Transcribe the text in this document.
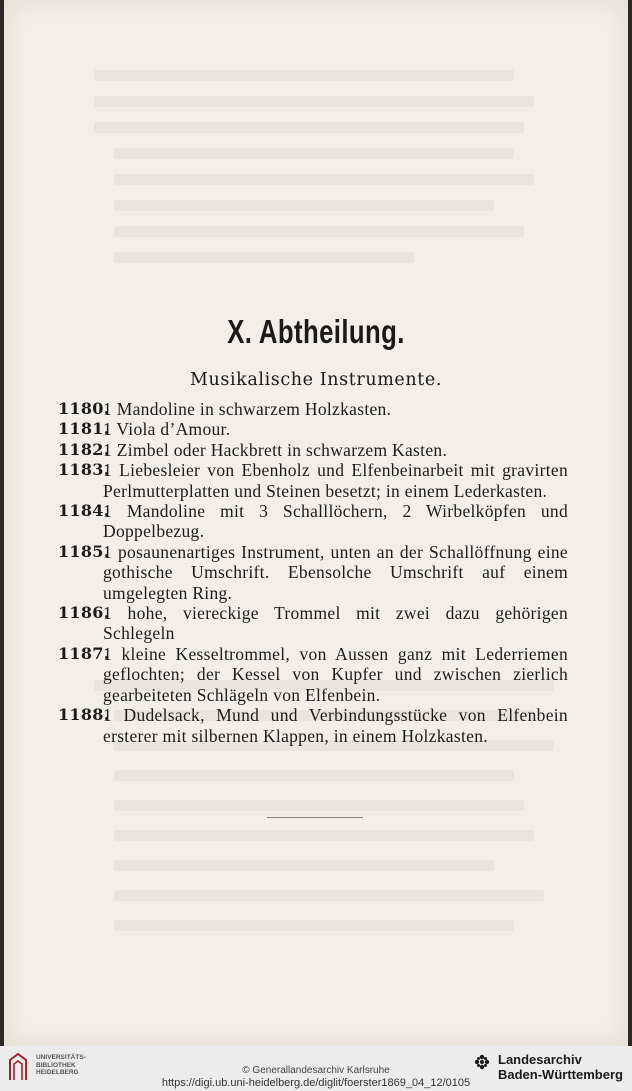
X. Abtheilung.
Musikalische Instrumente.
1180.
1 Mandoline in schwarzem Holzkasten.
1181.
1 Viola d’Amour.
1182.
1 Zimbel oder Hackbrett in schwarzem Kasten.
1183.
1 Liebesleier von Ebenholz und Elfenbeinarbeit mit gravirten Perlmutterplatten und Steinen besetzt; in einem Lederkasten.
1184.
1 Mandoline mit 3 Schalllöchern, 2 Wirbelköpfen und Doppelbezug.
1185.
1 posaunenartiges Instrument, unten an der Schallöffnung eine gothische Umschrift. Ebensolche Umschrift auf einem umgelegten Ring.
1186.
1 hohe, viereckige Trommel mit zwei dazu gehörigen Schlegeln
1187.
1 kleine Kesseltrommel, von Aussen ganz mit Lederriemen geflochten; der Kessel von Kupfer und zwischen zierlich gearbeiteten Schlägeln von Elfenbein.
1188.
1 Dudelsack, Mund und Verbindungsstücke von Elfenbein ersterer mit silbernen Klappen, in einem Holzkasten.
UNIVERSITÄTS-
BIBLIOTHEK
HEIDELBERG	© Generallandesarchiv Karlsruhe
https://digi.ub.uni-heidelberg.de/diglit/foerster1869_04_12/0105
Landesarchiv
Baden-Württemberg
